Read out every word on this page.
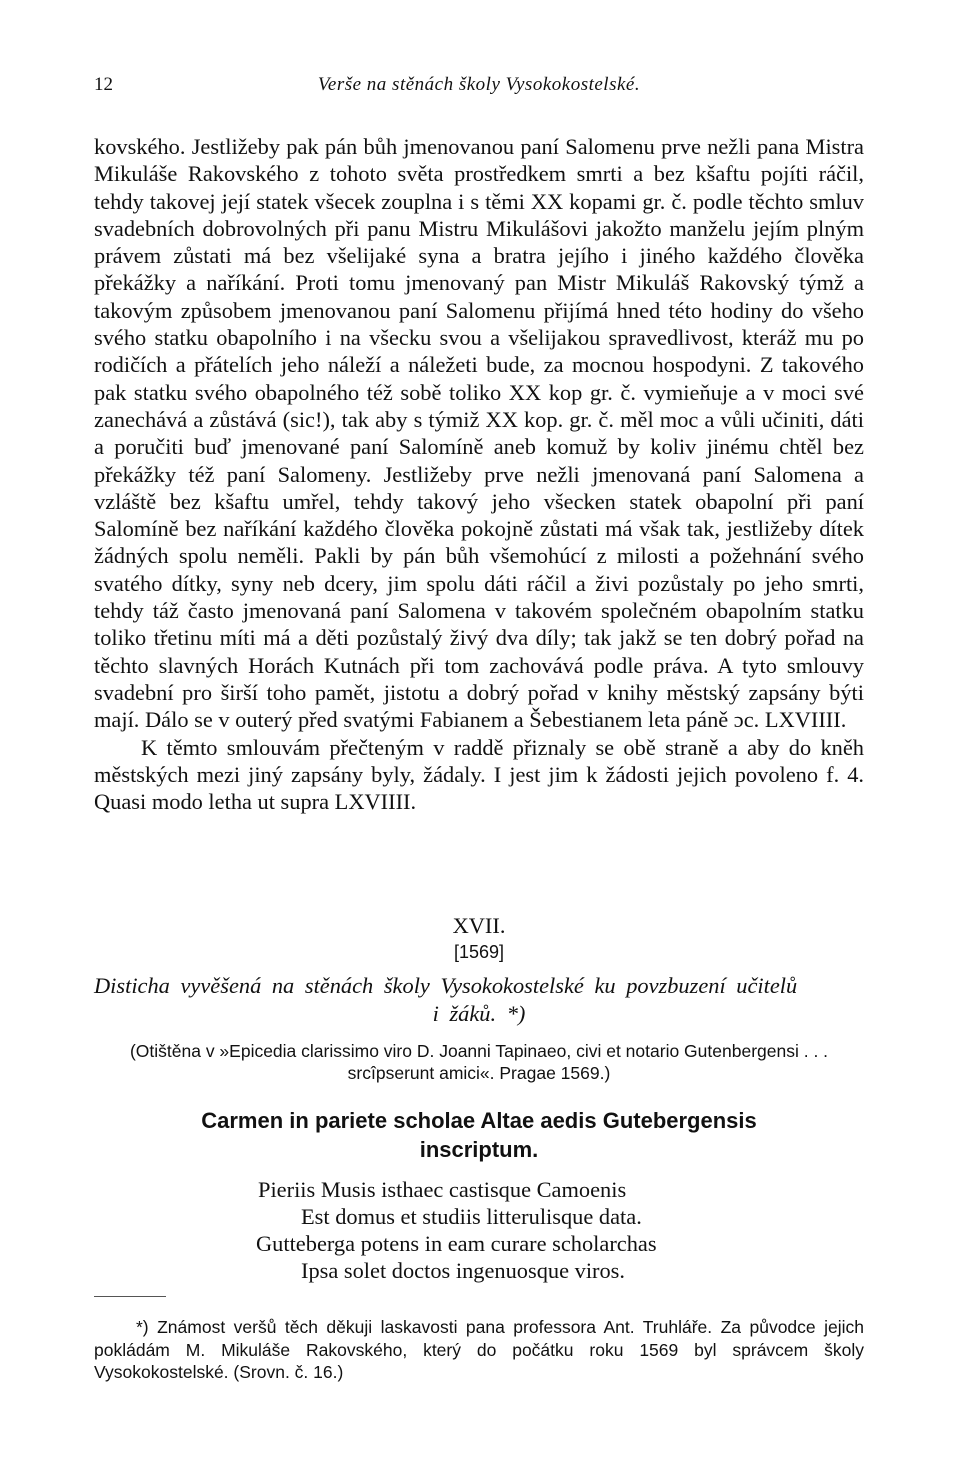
12	Verše na stěnách školy Vysokokostelské.

kovského. Jestližeby pak pán bůh jmenovanou paní Salomenu prve nežli pana Mistra Mikuláše Rakovského z tohoto světa prostředkem smrti a bez kšaftu pojíti ráčil, tehdy takovej její statek všecek zouplna i s těmi XX kopami gr. č. podle těchto smluv svadebních dobrovolných při panu Mistru Mikulášovi jakožto manželu jejím plným právem zůstati má bez všelijaké syna a bratra jejího i jiného každého člověka překážky a naříkání. Proti tomu jmenovaný pan Mistr Mikuláš Rakovský týmž a takovým způsobem jmenovanou paní Salomenu přijímá hned této hodiny do všeho svého statku obapolního i na všecku svou a všelijakou spravedlivost, kteráž mu po rodičích a přátelích jeho náleží a náležeti bude, za mocnou hospodyni. Z takového pak statku svého obapolného též sobě toliko XX kop gr. č. vymieňuje a v moci své zanechává a zůstává (sic!), tak aby s týmiž XX kop. gr. č. měl moc a vůli učiniti, dáti a poručiti buď jmenované paní Salomíně aneb komuž by koliv jinému chtěl bez překážky též paní Salomeny. Jestližeby prve nežli jmenovaná paní Salomena a vzláště bez kšaftu umřel, tehdy takový jeho všecken statek obapolní při paní Salomíně bez naříkání každého člověka pokojně zůstati má však tak, jestližeby dítek žádných spolu neměli. Pakli by pán bůh všemohúcí z milosti a požehnání svého svatého dítky, syny neb dcery, jim spolu dáti ráčil a živi pozůstaly po jeho smrti, tehdy táž často jmenovaná paní Salomena v takovém společném obapolním statku toliko třetinu míti má a děti pozůstalý živý dva díly; tak jakž se ten dobrý pořad na těchto slavných Horách Kutnách při tom zachovává podle práva. A tyto smlouvy svadební pro širší toho pamět, jistotu a dobrý pořad v knihy městský zapsány býti mají. Dálo se v outerý před svatými Fabianem a Šebestianem leta páně ɔc. LXVIIII.

K těmto smlouvám přečteným v raddě přiznaly se obě straně a aby do kněh městských mezi jiný zapsány byly, žádaly. I jest jim k žádosti jejich povoleno f. 4. Quasi modo letha ut supra LXVIIII.

XVII.
[1569]
Disticha vyvěšená na stěnách školy Vysokokostelské ku povzbuzení učitelů
i žáků. *)
(Otištěna v »Epicedia clarissimo viro D. Joanni Tapinaeo, civi et notario Gutenbergensi . . .
srcîpserunt amici«. Pragae 1569.)
Carmen in pariete scholae Altae aedis Gutebergensis
inscriptum.
Pieriis Musis isthaec castisque Camoenis
Est domus et studiis litterulisque data.
Gutteberga potens in eam curare scholarchas
Ipsa solet doctos ingenuosque viros.

*) Známost veršů těch děkuji laskavosti pana professora Ant. Truhláře. Za původce jejich pokládám M. Mikuláše Rakovského, který do počátku roku 1569 byl správcem školy Vysokokostelské. (Srovn. č. 16.)
